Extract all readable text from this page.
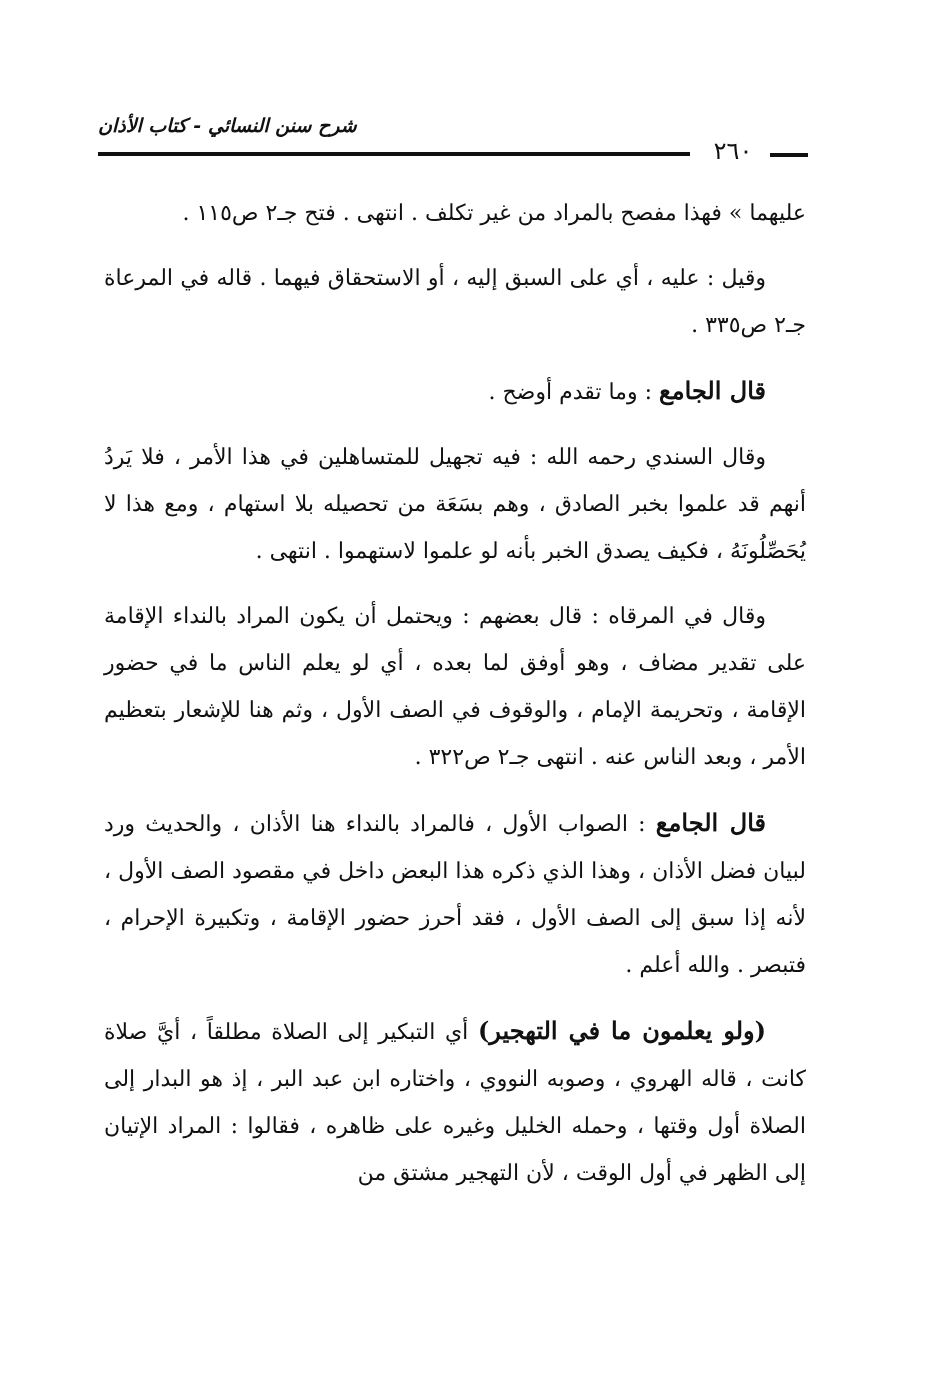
شرح سنن النسائي - كتاب الأذان
٢٦٠

عليهما » فهذا مفصح بالمراد من غير تكلف . انتهى . فتح جـ٢ ص١١٥ .

وقيل : عليه ، أي على السبق إليه ، أو الاستحقاق فيهما . قاله في المرعاة جـ٢ ص٣٣٥ .

قال الجامع : وما تقدم أوضح .

وقال السندي رحمه الله : فيه تجهيل للمتساهلين في هذا الأمر ، فلا يَردُ أنهم قد علموا بخبر الصادق ، وهم بسَعَة من تحصيله بلا استهام ، ومع هذا لا يُحَصِّلُونَهُ ، فكيف يصدق الخبر بأنه لو علموا لاستهموا . انتهى .

وقال في المرقاه : قال بعضهم : ويحتمل أن يكون المراد بالنداء الإقامة على تقدير مضاف ، وهو أوفق لما بعده ، أي لو يعلم الناس ما في حضور الإقامة ، وتحريمة الإمام ، والوقوف في الصف الأول ، وثم هنا للإشعار بتعظيم الأمر ، وبعد الناس عنه . انتهى جـ٢ ص٣٢٢ .

قال الجامع : الصواب الأول ، فالمراد بالنداء هنا الأذان ، والحديث ورد لبيان فضل الأذان ، وهذا الذي ذكره هذا البعض داخل في مقصود الصف الأول ، لأنه إذا سبق إلى الصف الأول ، فقد أحرز حضور الإقامة ، وتكبيرة الإحرام ، فتبصر . والله أعلم .

(ولو يعلمون ما في التهجير) أي التبكير إلى الصلاة مطلقاً ، أيَّ صلاة كانت ، قاله الهروي ، وصوبه النووي ، واختاره ابن عبد البر ، إذ هو البدار إلى الصلاة أول وقتها ، وحمله الخليل وغيره على ظاهره ، فقالوا : المراد الإتيان إلى الظهر في أول الوقت ، لأن التهجير مشتق من
